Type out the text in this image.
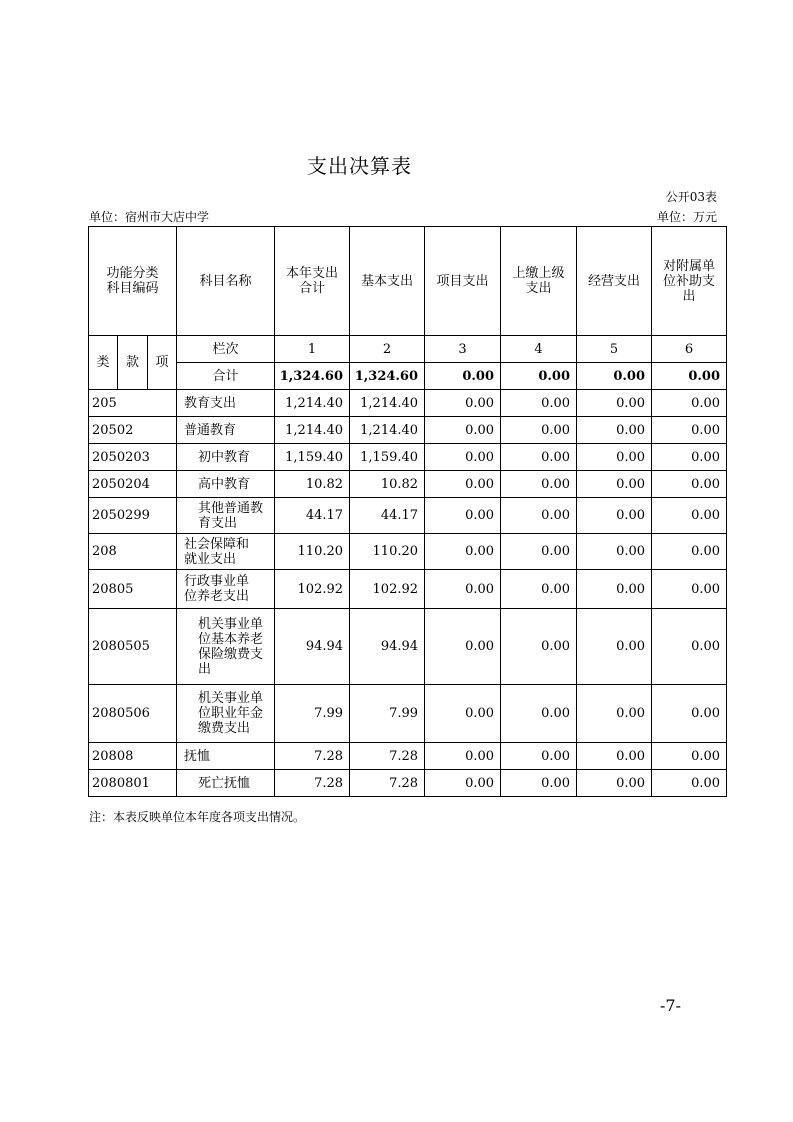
支出决算表
公开03表
单位：宿州市大店中学	单位：万元
功能分类科目编码			科目名称	本年支出合计	基本支出	项目支出	上缴上级支出	经营支出	对附属单位补助支出

类	款	项	栏次	1	2	3	4	5	6
			合计	1,324.60	1,324.60	0.00	0.00	0.00	0.00
205			教育支出	1,214.40	1,214.40	0.00	0.00	0.00	0.00
20502			普通教育	1,214.40	1,214.40	0.00	0.00	0.00	0.00
2050203			初中教育	1,159.40	1,159.40	0.00	0.00	0.00	0.00
2050204			高中教育	10.82	10.82	0.00	0.00	0.00	0.00
2050299			其他普通教育支出	44.17	44.17	0.00	0.00	0.00	0.00
208			社会保障和就业支出	110.20	110.20	0.00	0.00	0.00	0.00
20805			行政事业单位养老支出	102.92	102.92	0.00	0.00	0.00	0.00
2080505			机关事业单位基本养老保险缴费支出	94.94	94.94	0.00	0.00	0.00	0.00
2080506			机关事业单位职业年金缴费支出	7.99	7.99	0.00	0.00	0.00	0.00
20808			抚恤	7.28	7.28	0.00	0.00	0.00	0.00
2080801			死亡抚恤	7.28	7.28	0.00	0.00	0.00	0.00
注：本表反映单位本年度各项支出情况。
-7-
